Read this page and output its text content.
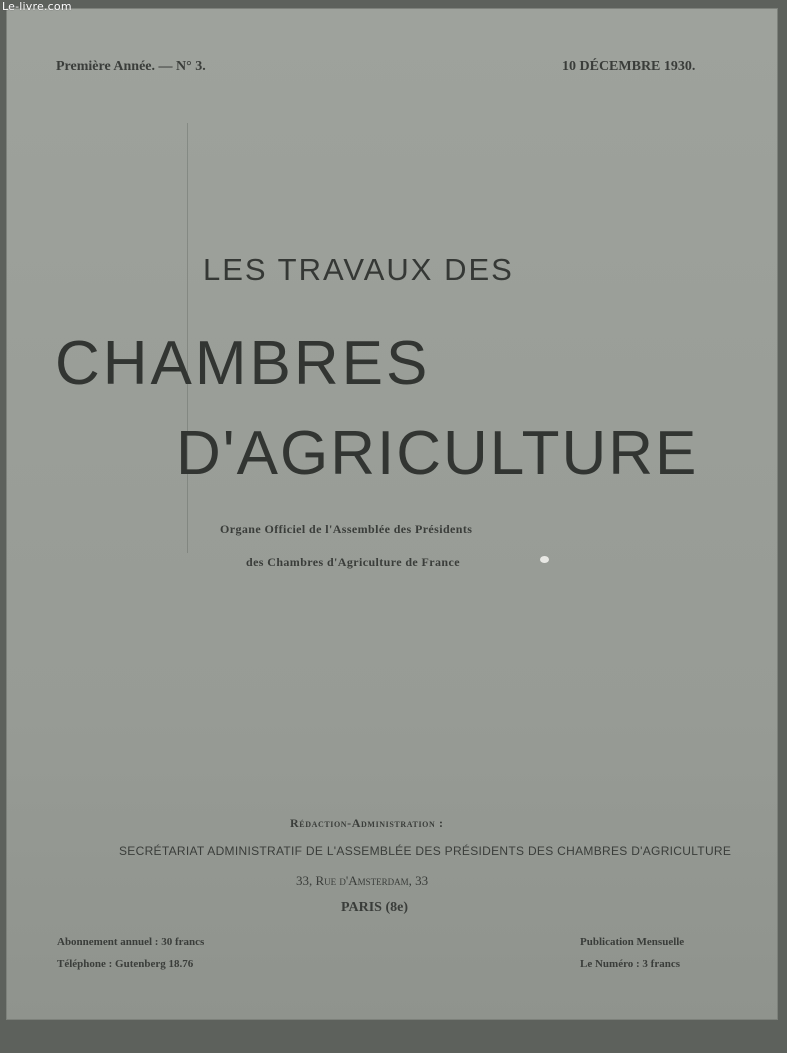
Le-livre.com
Première Année. — N° 3.	10 DÉCEMBRE 1930.
LES TRAVAUX DES
CHAMBRES
D'AGRICULTURE
Organe Officiel de l'Assemblée des Présidents
des Chambres d'Agriculture de France
Rédaction-Administration :
SECRÉTARIAT ADMINISTRATIF DE L'ASSEMBLÉE DES PRÉSIDENTS DES CHAMBRES D'AGRICULTURE
33, Rue d'Amsterdam, 33
PARIS (8e)
Abonnement annuel : 30 francs
Téléphone : Gutenberg 18.76
Publication Mensuelle
Le Numéro : 3 francs
